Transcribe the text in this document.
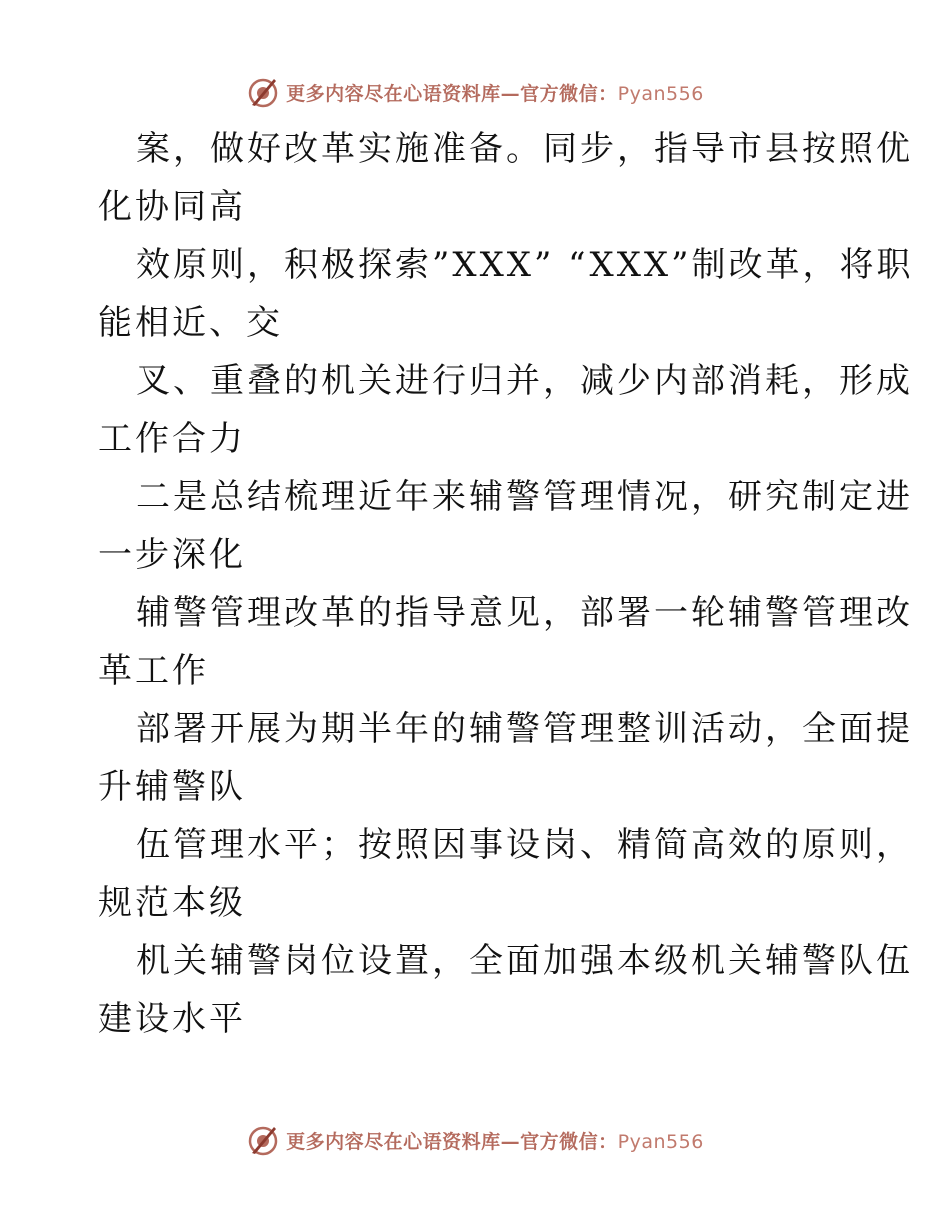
更多内容尽在心语资料库—官方微信：Pyan556
案，做好改革实施准备。同步，指导市县按照优
化协同高
效原则，积极探索”XXX” “XXX”制改革，将职
能相近、交
叉、重叠的机关进行归并，减少内部消耗，形成
工作合力
二是总结梳理近年来辅警管理情况，研究制定进
一步深化
辅警管理改革的指导意见，部署一轮辅警管理改
革工作
部署开展为期半年的辅警管理整训活动，全面提
升辅警队
伍管理水平；按照因事设岗、精简高效的原则，
规范本级
机关辅警岗位设置，全面加强本级机关辅警队伍
建设水平
更多内容尽在心语资料库—官方微信：Pyan556
